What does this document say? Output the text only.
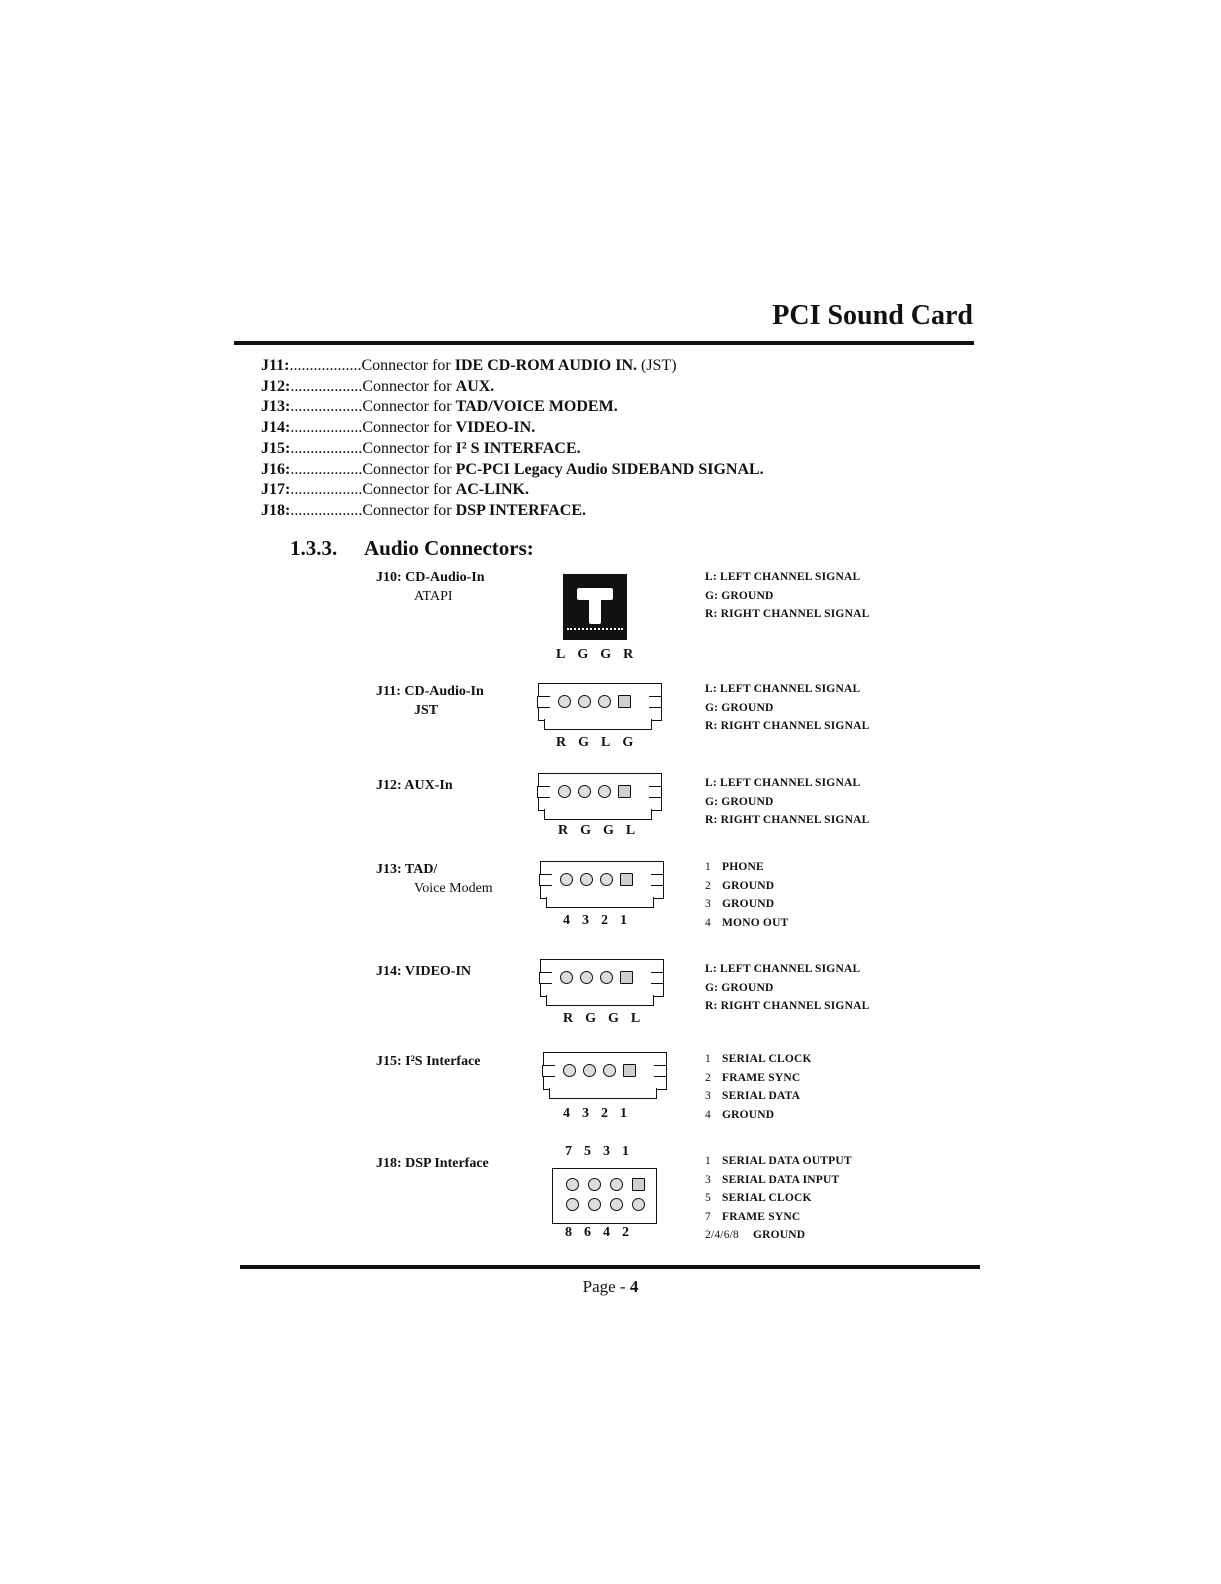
PCI Sound Card
J11:..................Connector for IDE CD-ROM AUDIO IN. (JST)
J12:..................Connector for AUX.
J13:..................Connector for TAD/VOICE MODEM.
J14:..................Connector for VIDEO-IN.
J15:..................Connector for I² S INTERFACE.
J16:..................Connector for PC-PCI Legacy Audio SIDEBAND SIGNAL.
J17:..................Connector for AC-LINK.
J18:..................Connector for DSP INTERFACE.
1.3.3. Audio Connectors:
J10: CD-Audio-In
ATAPI
L: LEFT CHANNEL SIGNAL
G: GROUND
R: RIGHT CHANNEL SIGNAL
LGGR
J11: CD-Audio-In
JST
L: LEFT CHANNEL SIGNAL
G: GROUND
R: RIGHT CHANNEL SIGNAL
RGLG
J12: AUX-In	L: LEFT CHANNEL SIGNAL
G: GROUND
R: RIGHT CHANNEL SIGNAL
RGGL
J13: TAD/
Voice Modem
1 PHONE
2 GROUND
3 GROUND
4 MONO OUT
4321
J14: VIDEO-IN	L: LEFT CHANNEL SIGNAL
G: GROUND
R: RIGHT CHANNEL SIGNAL
RGGL
J15: I²S Interface	1 SERIAL CLOCK
2 FRAME SYNC
3 SERIAL DATA
4 GROUND
4321
J18: DSP Interface	1 SERIAL DATA OUTPUT
3 SERIAL DATA INPUT
5 SERIAL CLOCK
7 FRAME SYNC
2/4/6/8 GROUND
7531
8642
Page - 4
